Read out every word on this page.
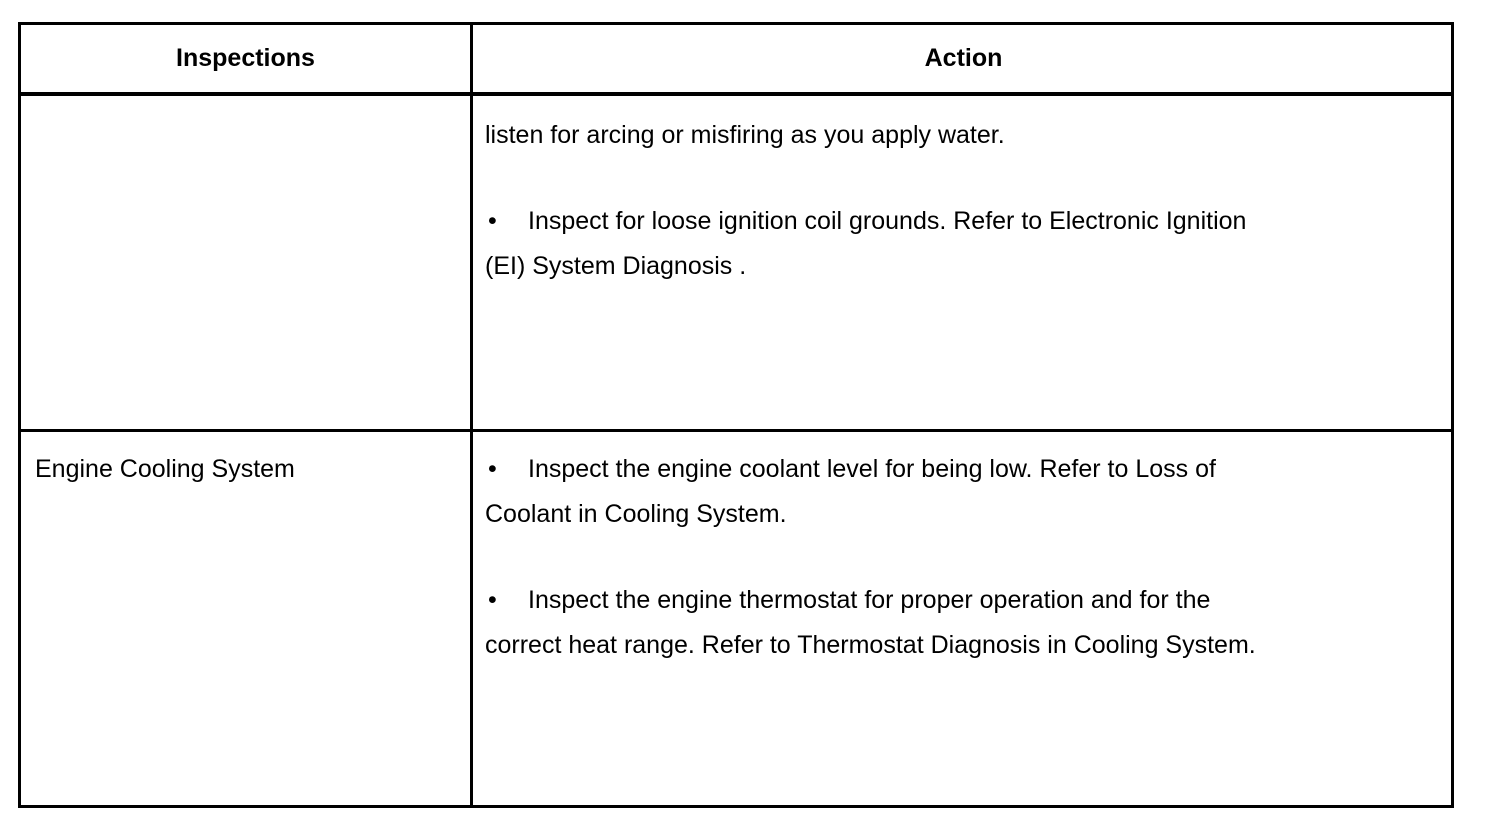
Inspections	Action

listen for arcing or misfiring as you apply water.

• Inspect for loose ignition coil grounds. Refer to Electronic Ignition
(EI) System Diagnosis .

Engine Cooling System	• Inspect the engine coolant level for being low. Refer to Loss of
Coolant in Cooling System.

• Inspect the engine thermostat for proper operation and for the
correct heat range. Refer to Thermostat Diagnosis in Cooling System.
